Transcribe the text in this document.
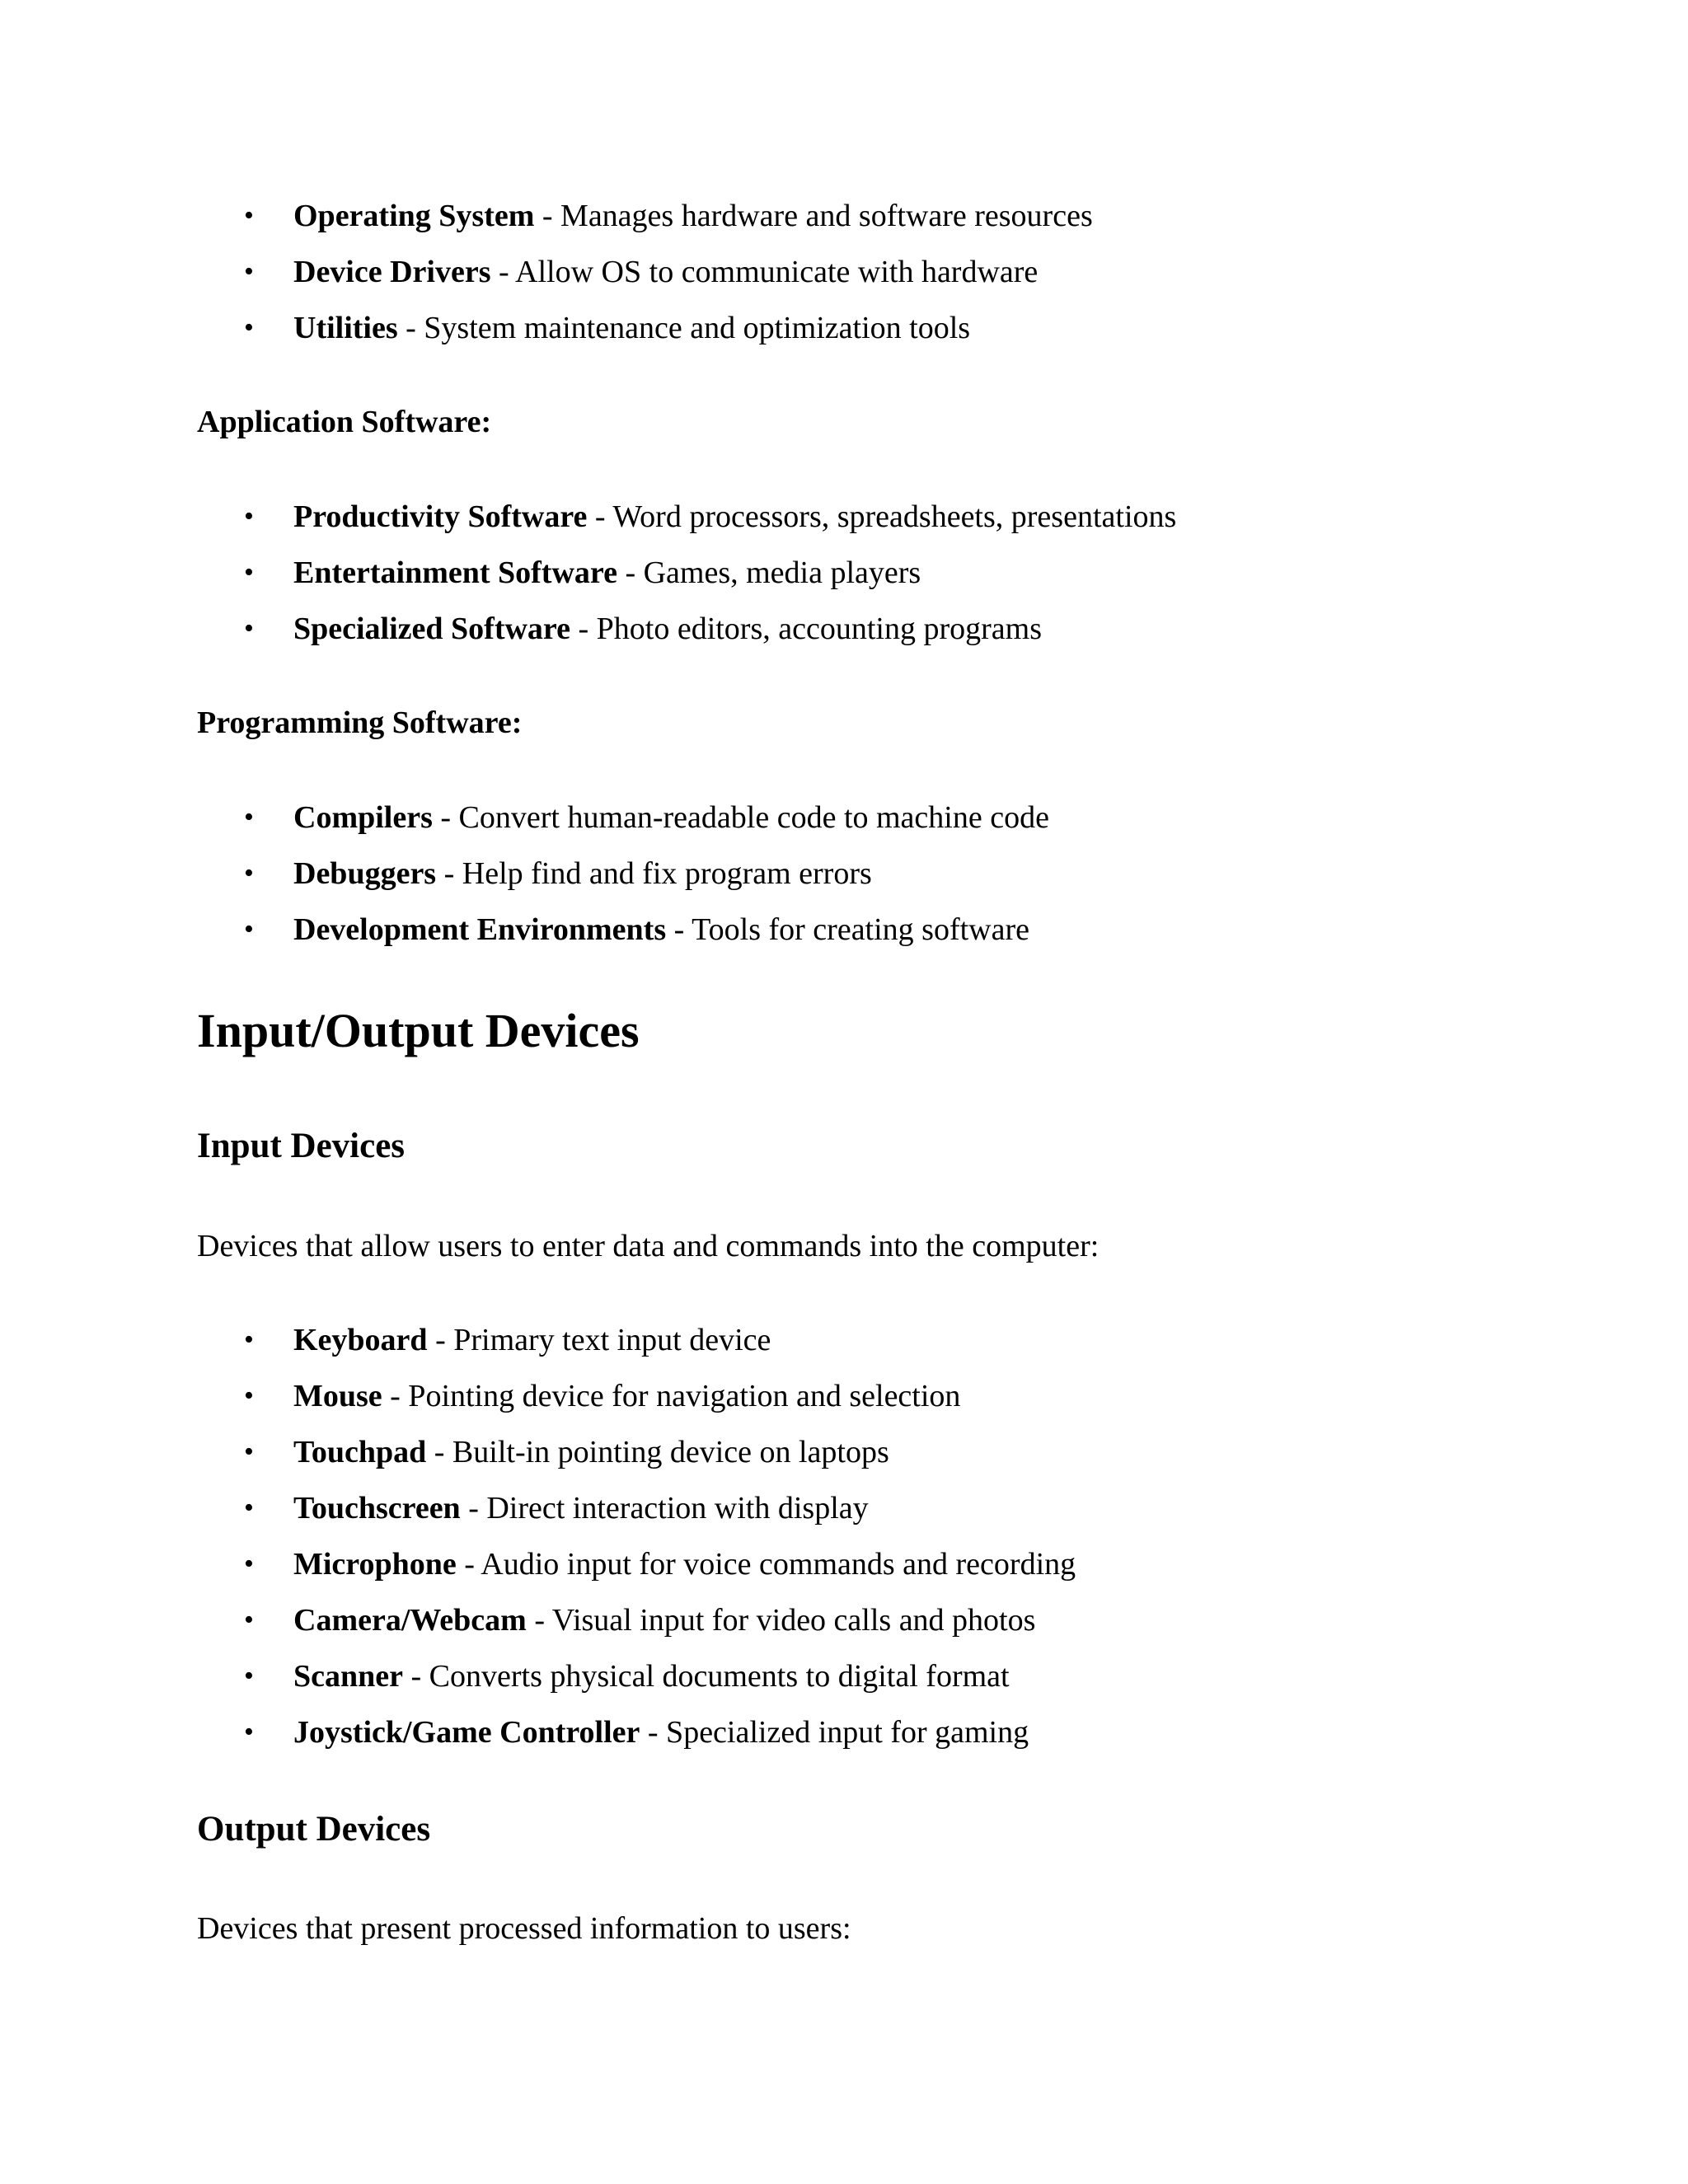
• Operating System - Manages hardware and software resources
• Device Drivers - Allow OS to communicate with hardware
• Utilities - System maintenance and optimization tools
Application Software:
• Productivity Software - Word processors, spreadsheets, presentations
• Entertainment Software - Games, media players
• Specialized Software - Photo editors, accounting programs
Programming Software:
• Compilers - Convert human-readable code to machine code
• Debuggers - Help find and fix program errors
• Development Environments - Tools for creating software
Input/Output Devices
Input Devices
Devices that allow users to enter data and commands into the computer:
• Keyboard - Primary text input device
• Mouse - Pointing device for navigation and selection
• Touchpad - Built-in pointing device on laptops
• Touchscreen - Direct interaction with display
• Microphone - Audio input for voice commands and recording
• Camera/Webcam - Visual input for video calls and photos
• Scanner - Converts physical documents to digital format
• Joystick/Game Controller - Specialized input for gaming
Output Devices
Devices that present processed information to users:
